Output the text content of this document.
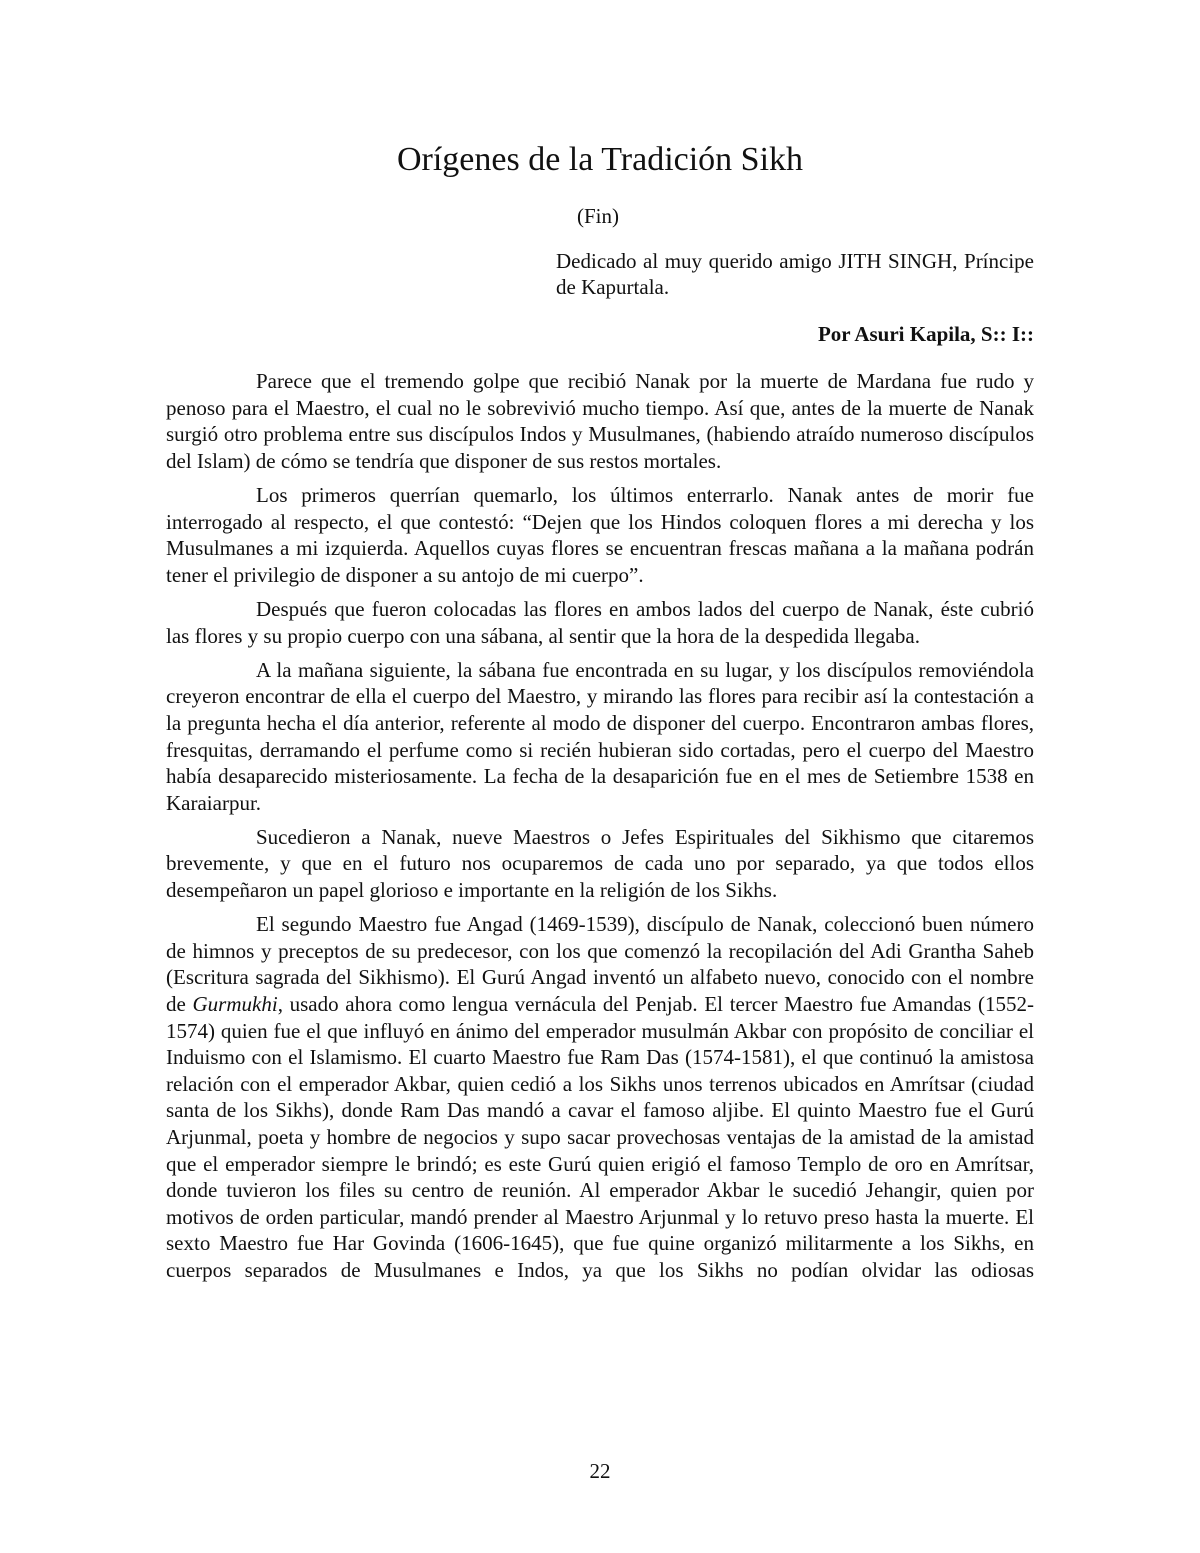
Orígenes de la Tradición Sikh
(Fin)
Dedicado al muy querido amigo JITH SINGH, Príncipe de Kapurtala.
Por Asuri Kapila, S:: I::

Parece que el tremendo golpe que recibió Nanak por la muerte de Mardana fue rudo y penoso para el Maestro, el cual no le sobrevivió mucho tiempo. Así que, antes de la muerte de Nanak surgió otro problema entre sus discípulos Indos y Musulmanes, (habiendo atraído numeroso discípulos del Islam) de cómo se tendría que disponer de sus restos mortales.

Los primeros querrían quemarlo, los últimos enterrarlo. Nanak antes de morir fue interrogado al respecto, el que contestó: “Dejen que los Hindos coloquen flores a mi derecha y los Musulmanes a mi izquierda. Aquellos cuyas flores se encuentran frescas mañana a la mañana podrán tener el privilegio de disponer a su antojo de mi cuerpo”.

Después que fueron colocadas las flores en ambos lados del cuerpo de Nanak, éste cubrió las flores y su propio cuerpo con una sábana, al sentir que la hora de la despedida llegaba.

A la mañana siguiente, la sábana fue encontrada en su lugar, y los discípulos removiéndola creyeron encontrar de ella el cuerpo del Maestro, y mirando las flores para recibir así la contestación a la pregunta hecha el día anterior, referente al modo de disponer del cuerpo. Encontraron ambas flores, fresquitas, derramando el perfume como si recién hubieran sido cortadas, pero el cuerpo del Maestro había desaparecido misteriosamente. La fecha de la desaparición fue en el mes de Setiembre 1538 en Karaiarpur.

Sucedieron a Nanak, nueve Maestros o Jefes Espirituales del Sikhismo que citaremos brevemente, y que en el futuro nos ocuparemos de cada uno por separado, ya que todos ellos desempeñaron un papel glorioso e importante en la religión de los Sikhs.

El segundo Maestro fue Angad (1469-1539), discípulo de Nanak, coleccionó buen número de himnos y preceptos de su predecesor, con los que comenzó la recopilación del Adi Grantha Saheb (Escritura sagrada del Sikhismo). El Gurú Angad inventó un alfabeto nuevo, conocido con el nombre de Gurmukhi, usado ahora como lengua vernácula del Penjab. El tercer Maestro fue Amandas (1552-1574) quien fue el que influyó en ánimo del emperador musulmán Akbar con propósito de conciliar el Induismo con el Islamismo. El cuarto Maestro fue Ram Das (1574-1581), el que continuó la amistosa relación con el emperador Akbar, quien cedió a los Sikhs unos terrenos ubicados en Amrítsar (ciudad santa de los Sikhs), donde Ram Das mandó a cavar el famoso aljibe. El quinto Maestro fue el Gurú Arjunmal, poeta y hombre de negocios y supo sacar provechosas ventajas de la amistad de la amistad que el emperador siempre le brindó; es este Gurú quien erigió el famoso Templo de oro en Amrítsar, donde tuvieron los files su centro de reunión. Al emperador Akbar le sucedió Jehangir, quien por motivos de orden particular, mandó prender al Maestro Arjunmal y lo retuvo preso hasta la muerte. El sexto Maestro fue Har Govinda (1606-1645), que fue quine organizó militarmente a los Sikhs, en cuerpos separados de Musulmanes e Indos, ya que los Sikhs no podían olvidar las odiosas

22
